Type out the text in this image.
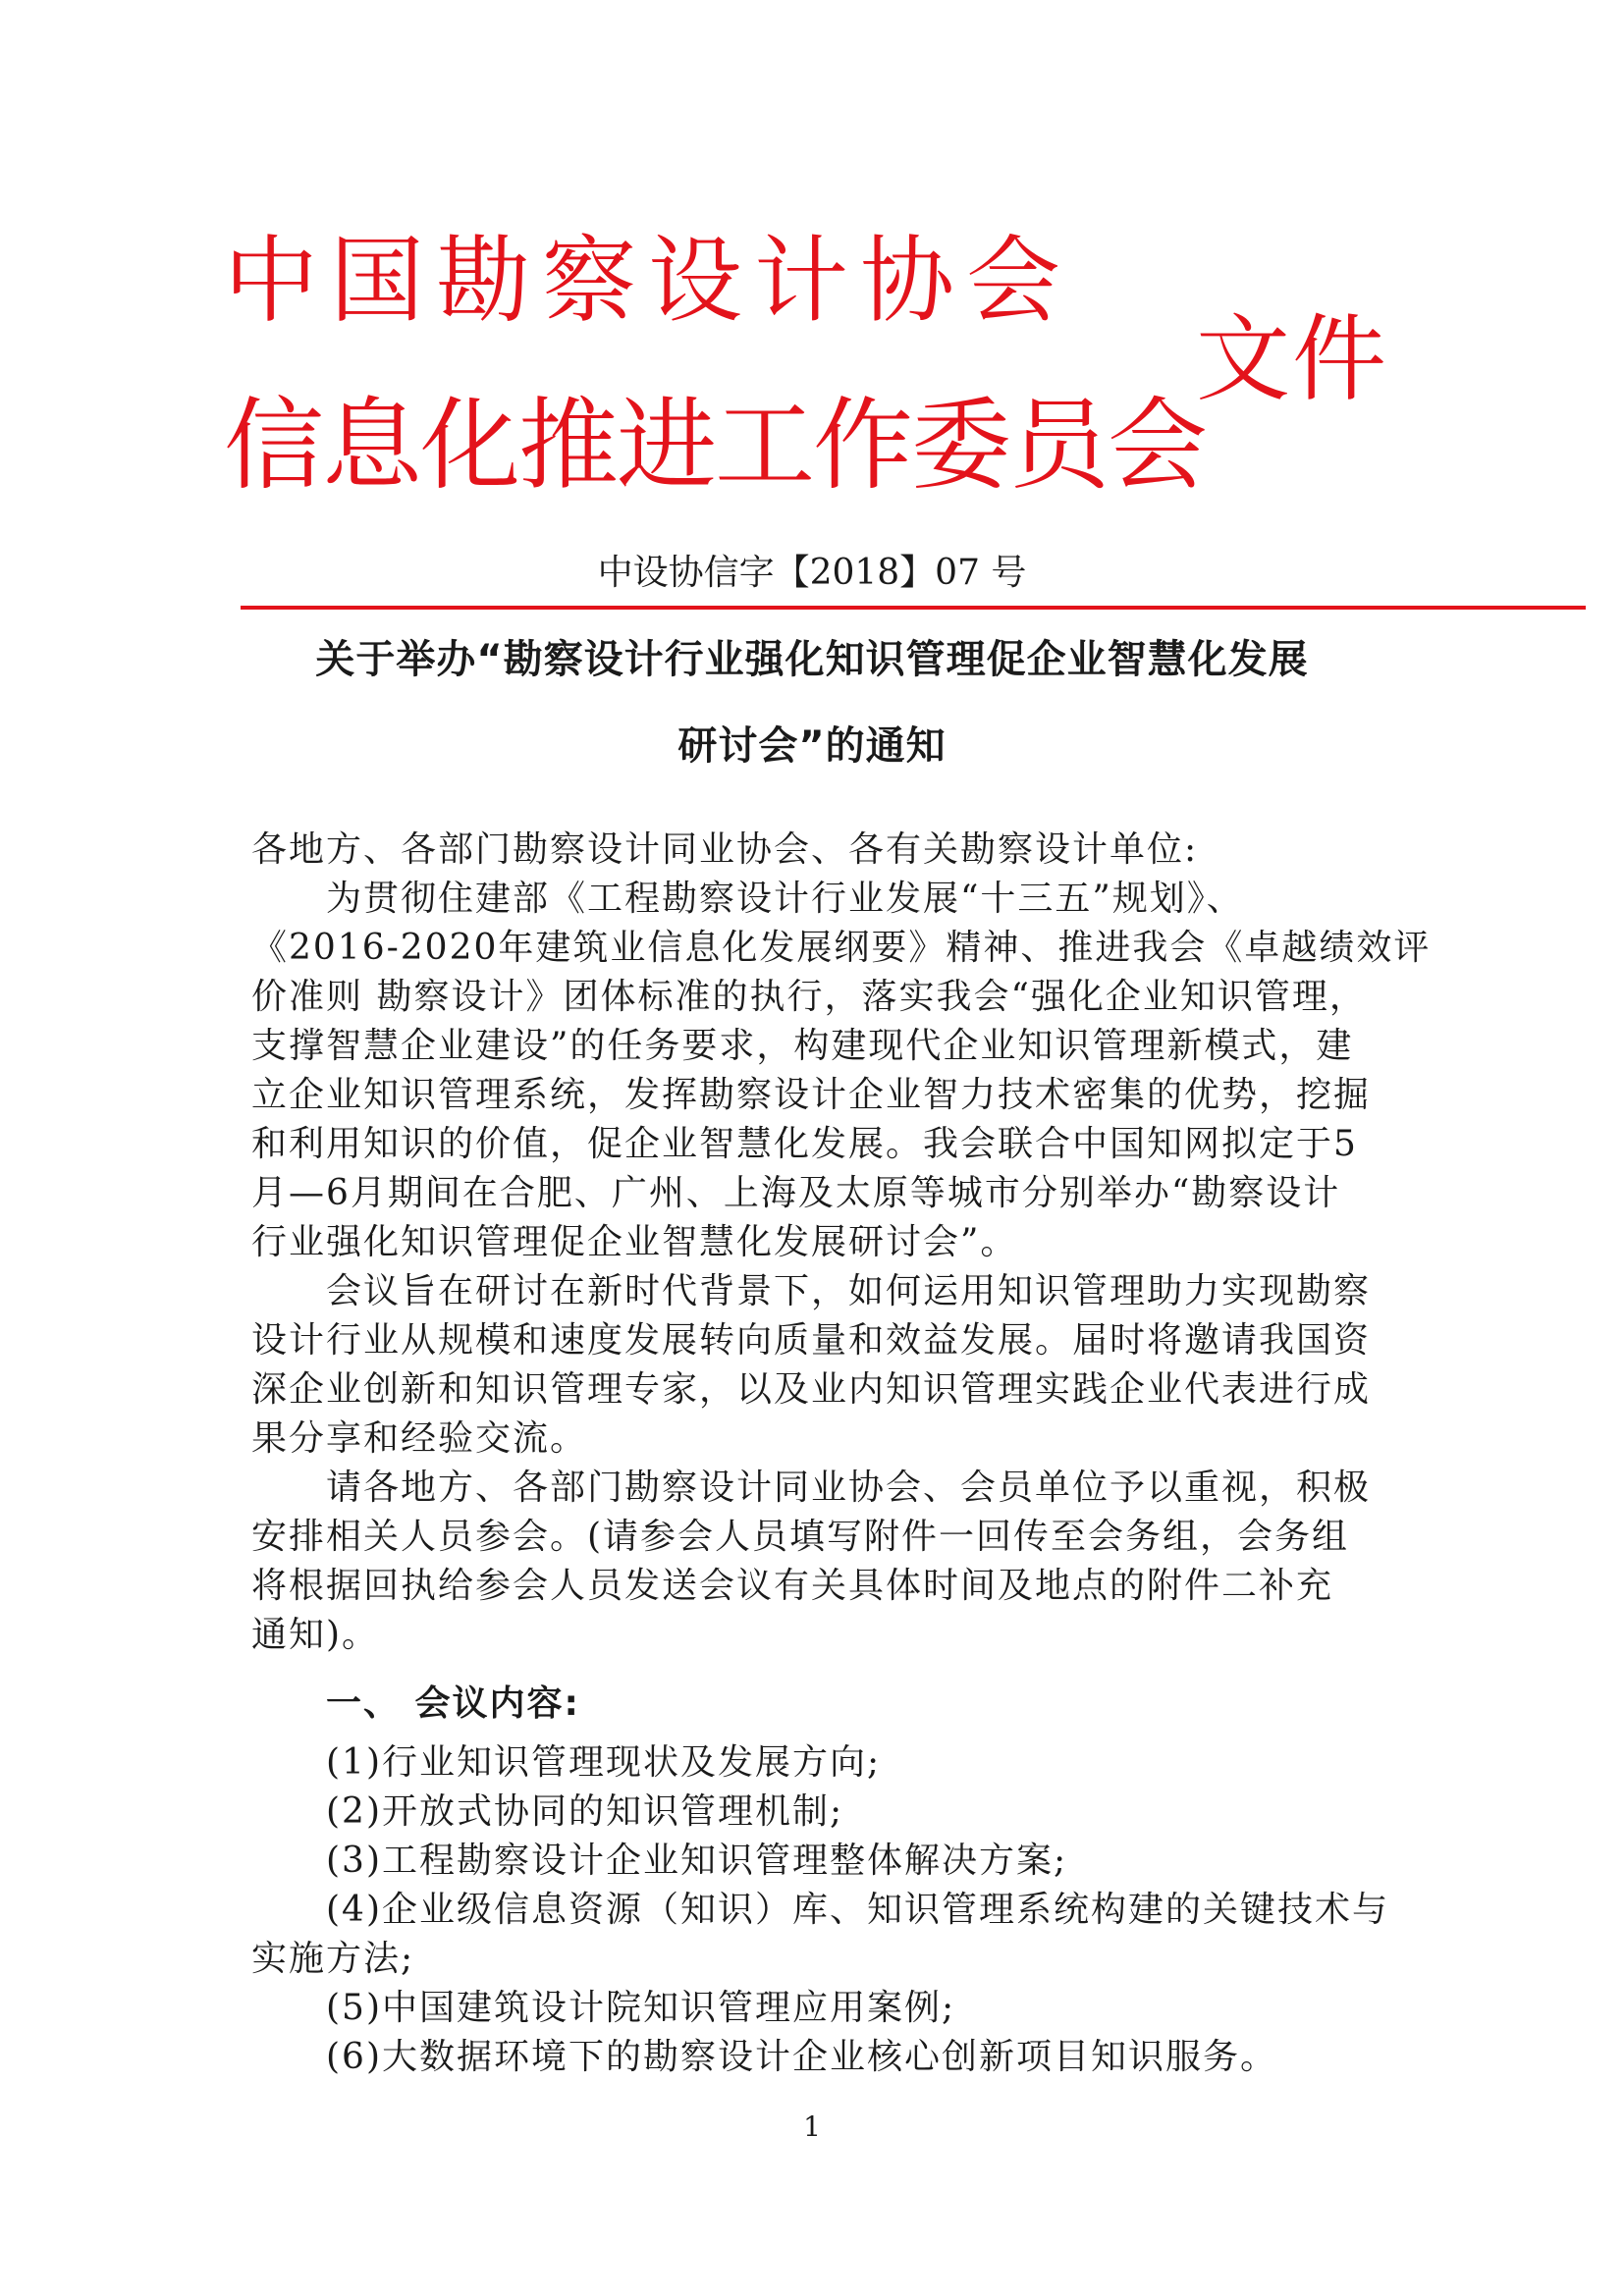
中国勘察设计协会
信息化推进工作委员会
文件
中设协信字【2018】07 号
关于举办“勘察设计行业强化知识管理促企业智慧化发展
研讨会”的通知
各地方、各部门勘察设计同业协会、各有关勘察设计单位:
　　为贯彻住建部《工程勘察设计行业发展“十三五”规划》、
《2016-2020年建筑业信息化发展纲要》精神、推进我会《卓越绩效评
价准则 勘察设计》团体标准的执行，落实我会“强化企业知识管理，
支撑智慧企业建设”的任务要求，构建现代企业知识管理新模式，建
立企业知识管理系统，发挥勘察设计企业智力技术密集的优势，挖掘
和利用知识的价值，促企业智慧化发展。我会联合中国知网拟定于5
月—6月期间在合肥、广州、上海及太原等城市分别举办“勘察设计
行业强化知识管理促企业智慧化发展研讨会”。
　　会议旨在研讨在新时代背景下，如何运用知识管理助力实现勘察
设计行业从规模和速度发展转向质量和效益发展。届时将邀请我国资
深企业创新和知识管理专家，以及业内知识管理实践企业代表进行成
果分享和经验交流。
　　请各地方、各部门勘察设计同业协会、会员单位予以重视，积极
安排相关人员参会。(请参会人员填写附件一回传至会务组，会务组
将根据回执给参会人员发送会议有关具体时间及地点的附件二补充
通知)。
　　一、 会议内容:
　　(1)行业知识管理现状及发展方向;
　　(2)开放式协同的知识管理机制;
　　(3)工程勘察设计企业知识管理整体解决方案;
　　(4)企业级信息资源（知识）库、知识管理系统构建的关键技术与
实施方法;
　　(5)中国建筑设计院知识管理应用案例;
　　(6)大数据环境下的勘察设计企业核心创新项目知识服务。
1
